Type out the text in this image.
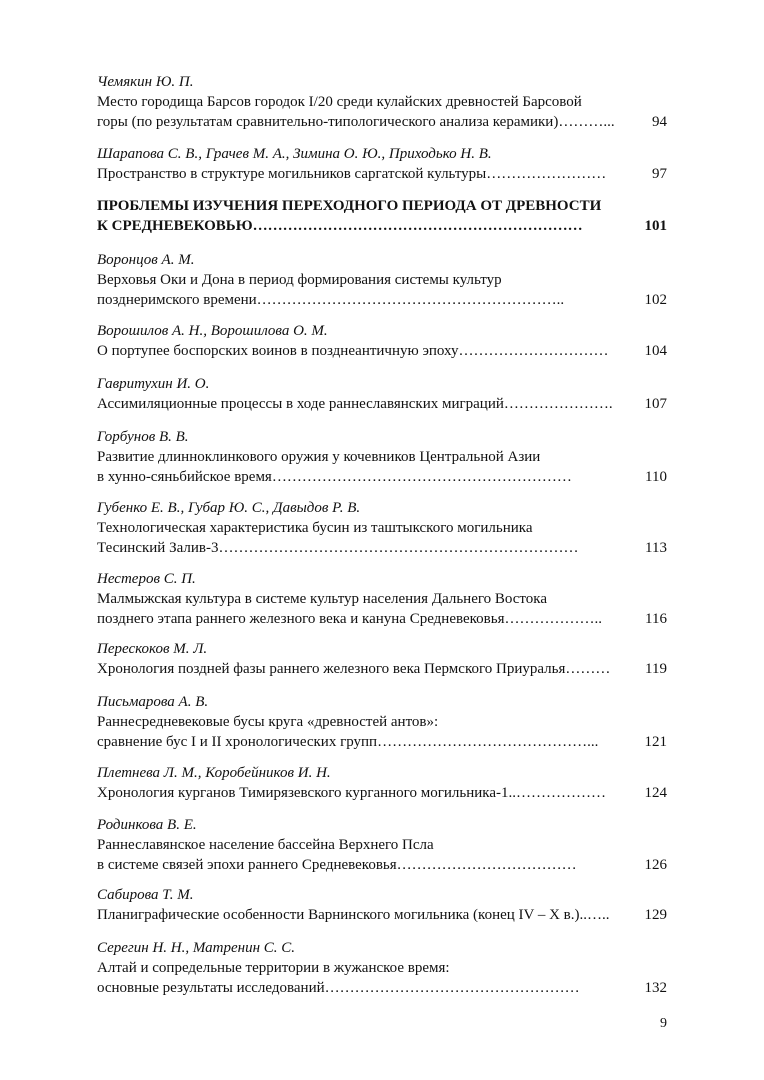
Чемякин Ю. П.
Место городища Барсов городок I/20 среди кулайских древностей Барсовой
горы (по результатам сравнительно-типологического анализа керамики)………...	94
Шарапова С. В., Грачев М. А., Зимина О. Ю., Приходько Н. В.
Пространство в структуре могильников саргатской культуры……………………	97
ПРОБЛЕМЫ ИЗУЧЕНИЯ ПЕРЕХОДНОГО ПЕРИОДА ОТ ДРЕВНОСТИ
К СРЕДНЕВЕКОВЬЮ…………………………………………………………	101
Воронцов А. М.
Верховья Оки и Дона в период формирования системы культур
позднеримского времени……………………………………………………..	102
Ворошилов А. Н., Ворошилова О. М.
О портупее боспорских воинов в позднеантичную эпоху…………………………	104
Гавритухин И. О.
Ассимиляционные процессы в ходе раннеславянских миграций………………….	107
Горбунов В. В.
Развитие длинноклинкового оружия у кочевников Центральной Азии
в хунно-сяньбийское время……………………………………………………	110
Губенко Е. В., Губар Ю. С., Давыдов Р. В.
Технологическая характеристика бусин из таштыкского могильника
Тесинский Залив-3………………………………………………………………	113
Нестеров С. П.
Малмыжская культура в системе культур населения Дальнего Востока
позднего этапа раннего железного века и кануна Средневековья………………..	116
Перескоков М. Л.
Хронология поздней фазы раннего железного века Пермского Приуралья………	119
Письмарова А. В.
Раннесредневековые бусы круга «древностей антов»:
сравнение бус I и II хронологических групп……………………………………...	121
Плетнева Л. М., Коробейников И. Н.
Хронология курганов Тимирязевского курганного могильника-1..………………	124
Родинкова В. Е.
Раннеславянское население бассейна Верхнего Псла
в системе связей эпохи раннего Средневековья………………………………	126
Сабирова Т. М.
Планиграфические особенности Варнинского могильника (конец IV – X в.)..…..	129
Серегин Н. Н., Матренин С. С.
Алтай и сопредельные территории в жужанское время:
основные результаты исследований……………………………………………	132
9
